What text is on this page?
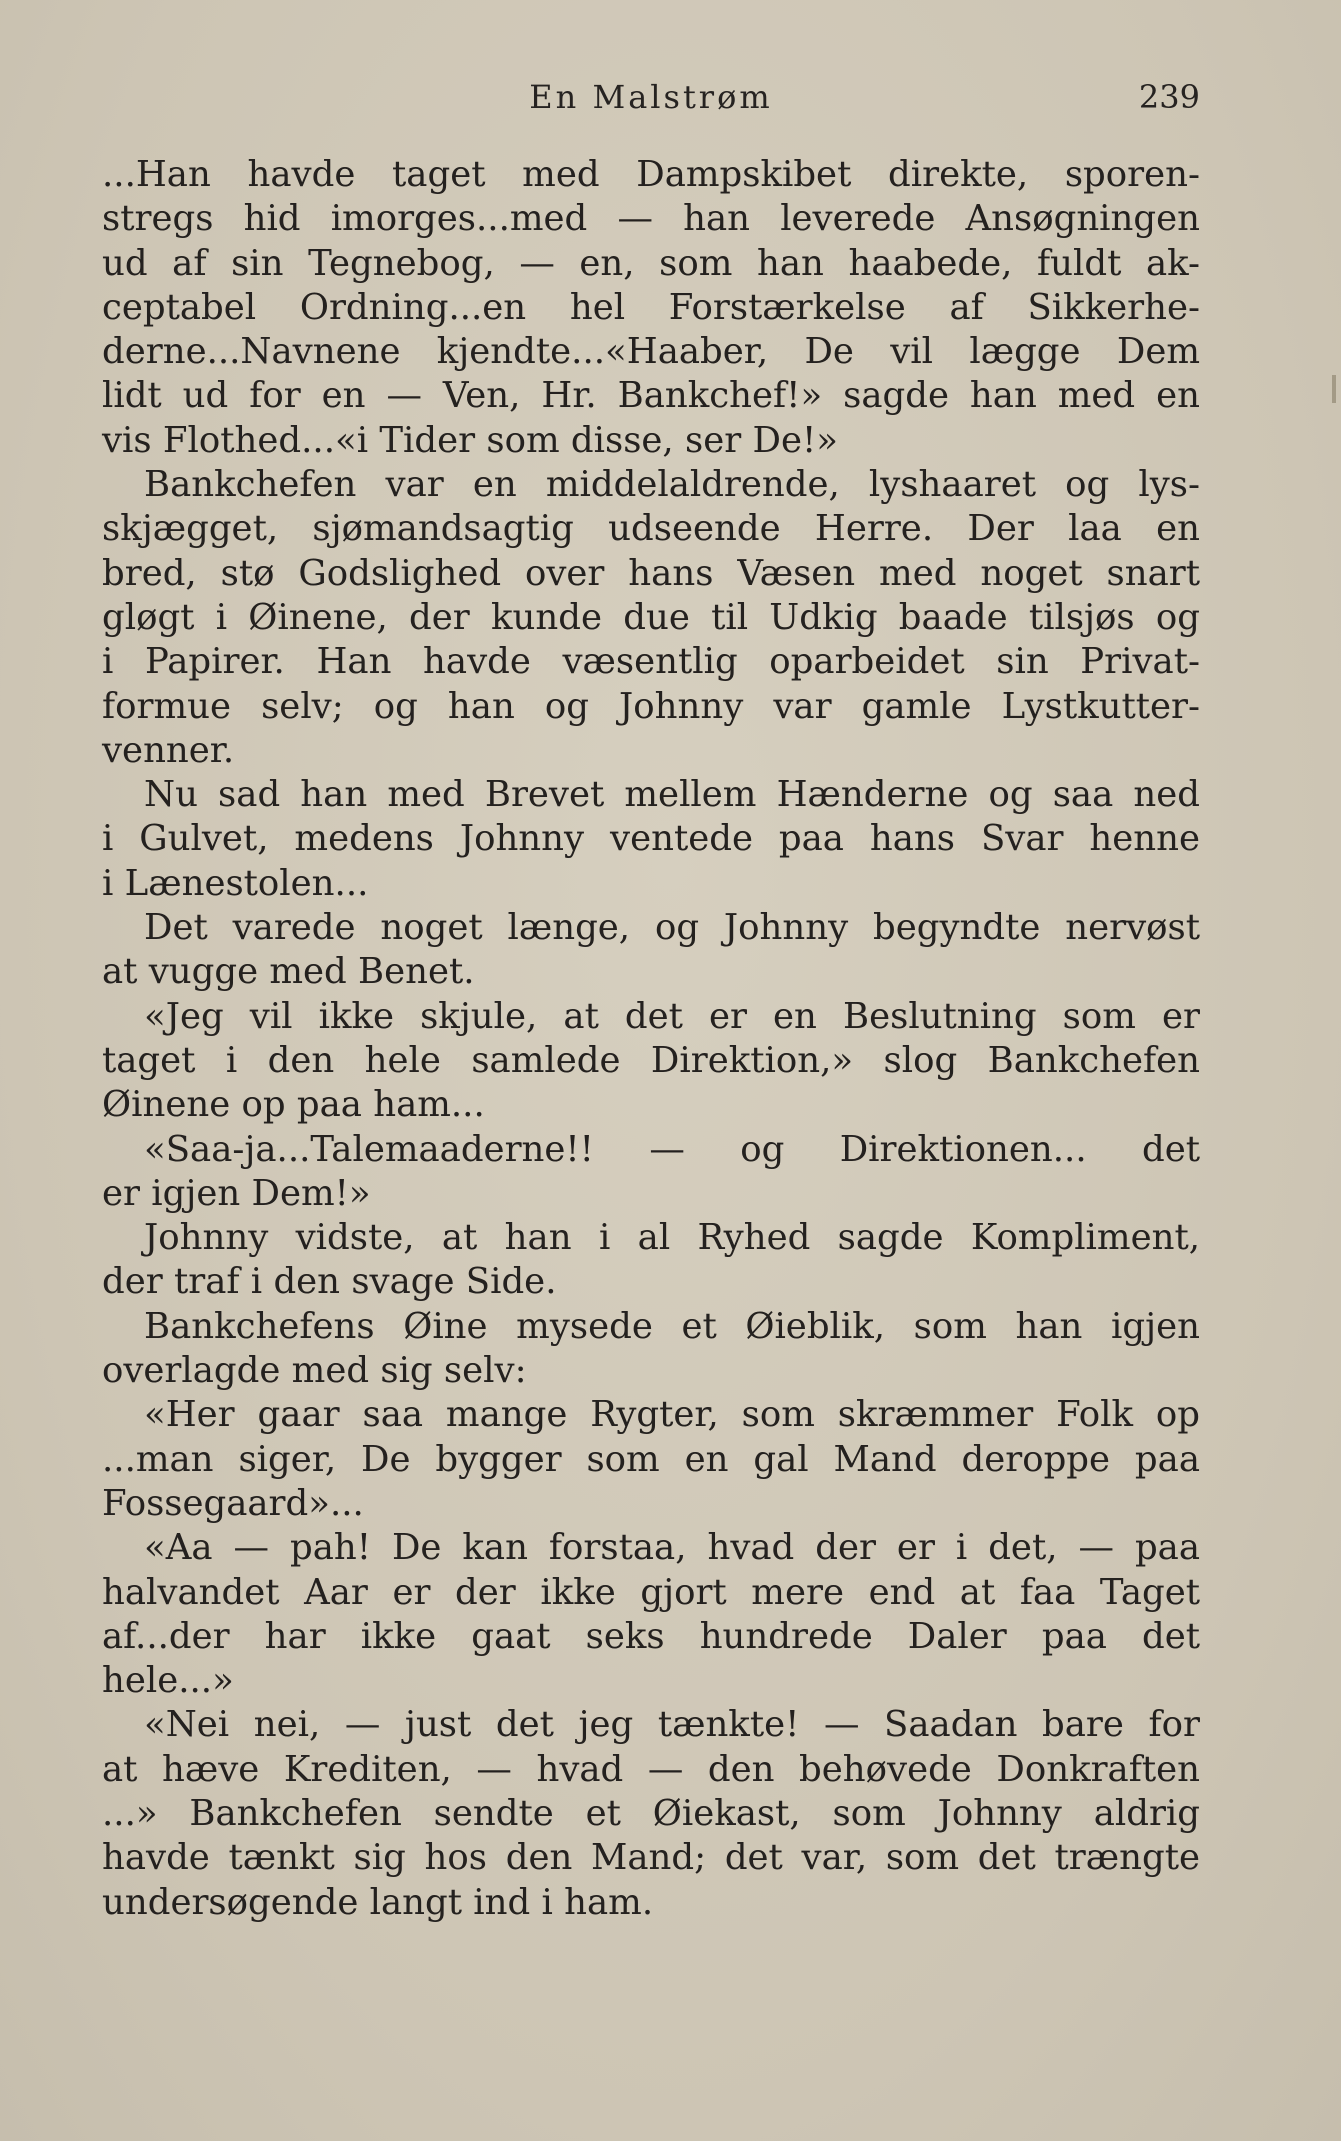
En Malstrøm	239
...Han havde taget med Dampskibet direkte, sporen-
stregs hid imorges...med — han leverede Ansøgningen
ud af sin Tegnebog, — en, som han haabede, fuldt ak-
ceptabel Ordning...en hel Forstærkelse af Sikkerhe-
derne...Navnene kjendte...«Haaber, De vil lægge Dem
lidt ud for en — Ven, Hr. Bankchef!» sagde han med en
vis Flothed...«i Tider som disse, ser De!»
Bankchefen var en middelaldrende, lyshaaret og lys-
skjægget, sjømandsagtig udseende Herre. Der laa en
bred, stø Godslighed over hans Væsen med noget snart
gløgt i Øinene, der kunde due til Udkig baade tilsjøs og
i Papirer. Han havde væsentlig oparbeidet sin Privat-
formue selv; og han og Johnny var gamle Lystkutter-
venner.
Nu sad han med Brevet mellem Hænderne og saa ned
i Gulvet, medens Johnny ventede paa hans Svar henne
i Lænestolen...
Det varede noget længe, og Johnny begyndte nervøst
at vugge med Benet.
«Jeg vil ikke skjule, at det er en Beslutning som er
taget i den hele samlede Direktion,» slog Bankchefen
Øinene op paa ham...
«Saa-ja...Talemaaderne!! — og Direktionen... det
er igjen Dem!»
Johnny vidste, at han i al Ryhed sagde Kompliment,
der traf i den svage Side.
Bankchefens Øine mysede et Øieblik, som han igjen
overlagde med sig selv:
«Her gaar saa mange Rygter, som skræmmer Folk op
...man siger, De bygger som en gal Mand deroppe paa
Fossegaard»...
«Aa — pah! De kan forstaa, hvad der er i det, — paa
halvandet Aar er der ikke gjort mere end at faa Taget
af...der har ikke gaat seks hundrede Daler paa det
hele...»
«Nei nei, — just det jeg tænkte! — Saadan bare for
at hæve Krediten, — hvad — den behøvede Donkraften
...» Bankchefen sendte et Øiekast, som Johnny aldrig
havde tænkt sig hos den Mand; det var, som det trængte
undersøgende langt ind i ham.
